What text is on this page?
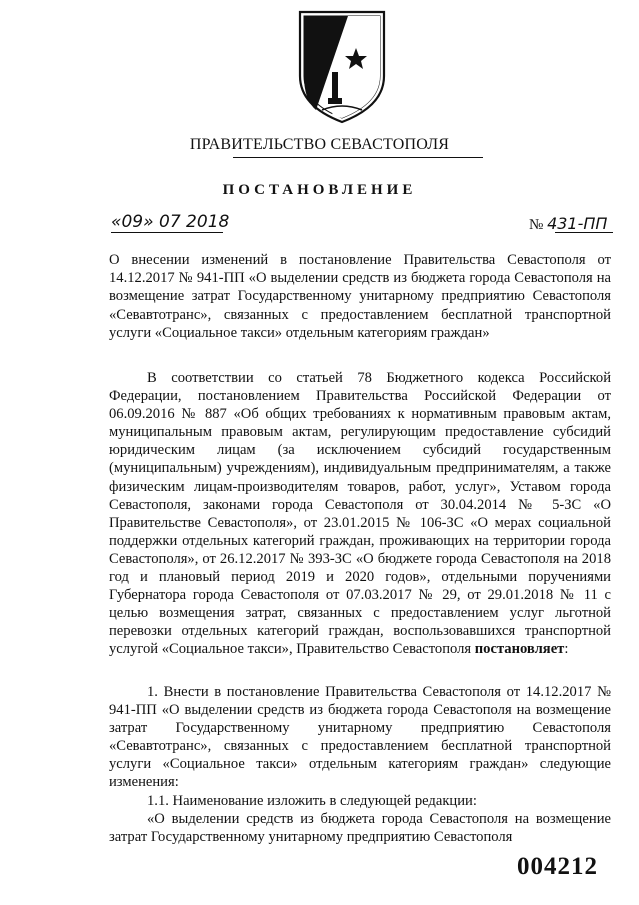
ПРАВИТЕЛЬСТВО СЕВАСТОПОЛЯ
ПОСТАНОВЛЕНИЕ
«09» 07 2018	№ 431-ПП
О внесении изменений в постановление Правительства Севастополя от 14.12.2017 № 941-ПП «О выделении средств из бюджета города Севастополя на возмещение затрат Государственному унитарному предприятию Севастополя «Севавтотранс», связанных с предоставлением бесплатной транспортной услуги «Социальное такси» отдельным категориям граждан»

В соответствии со статьей 78 Бюджетного кодекса Российской Федерации, постановлением Правительства Российской Федерации от 06.09.2016 № 887 «Об общих требованиях к нормативным правовым актам, муниципальным правовым актам, регулирующим предоставление субсидий юридическим лицам (за исключением субсидий государственным (муниципальным) учреждениям), индивидуальным предпринимателям, а также физическим лицам-производителям товаров, работ, услуг», Уставом города Севастополя, законами города Севастополя от 30.04.2014 № 5-ЗС «О Правительстве Севастополя», от 23.01.2015 № 106-ЗС «О мерах социальной поддержки отдельных категорий граждан, проживающих на территории города Севастополя», от 26.12.2017 № 393-ЗС «О бюджете города Севастополя на 2018 год и плановый период 2019 и 2020 годов», отдельными поручениями Губернатора города Севастополя от 07.03.2017 № 29, от 29.01.2018 № 11 с целью возмещения затрат, связанных с предоставлением услуг льготной перевозки отдельных категорий граждан, воспользовавшихся транспортной услугой «Социальное такси», Правительство Севастополя постановляет:

1. Внести в постановление Правительства Севастополя от 14.12.2017 № 941-ПП «О выделении средств из бюджета города Севастополя на возмещение затрат Государственному унитарному предприятию Севастополя «Севавтотранс», связанных с предоставлением бесплатной транспортной услуги «Социальное такси» отдельным категориям граждан» следующие изменения:

1.1. Наименование изложить в следующей редакции:

«О выделении средств из бюджета города Севастополя на возмещение затрат Государственному унитарному предприятию Севастополя

004212
